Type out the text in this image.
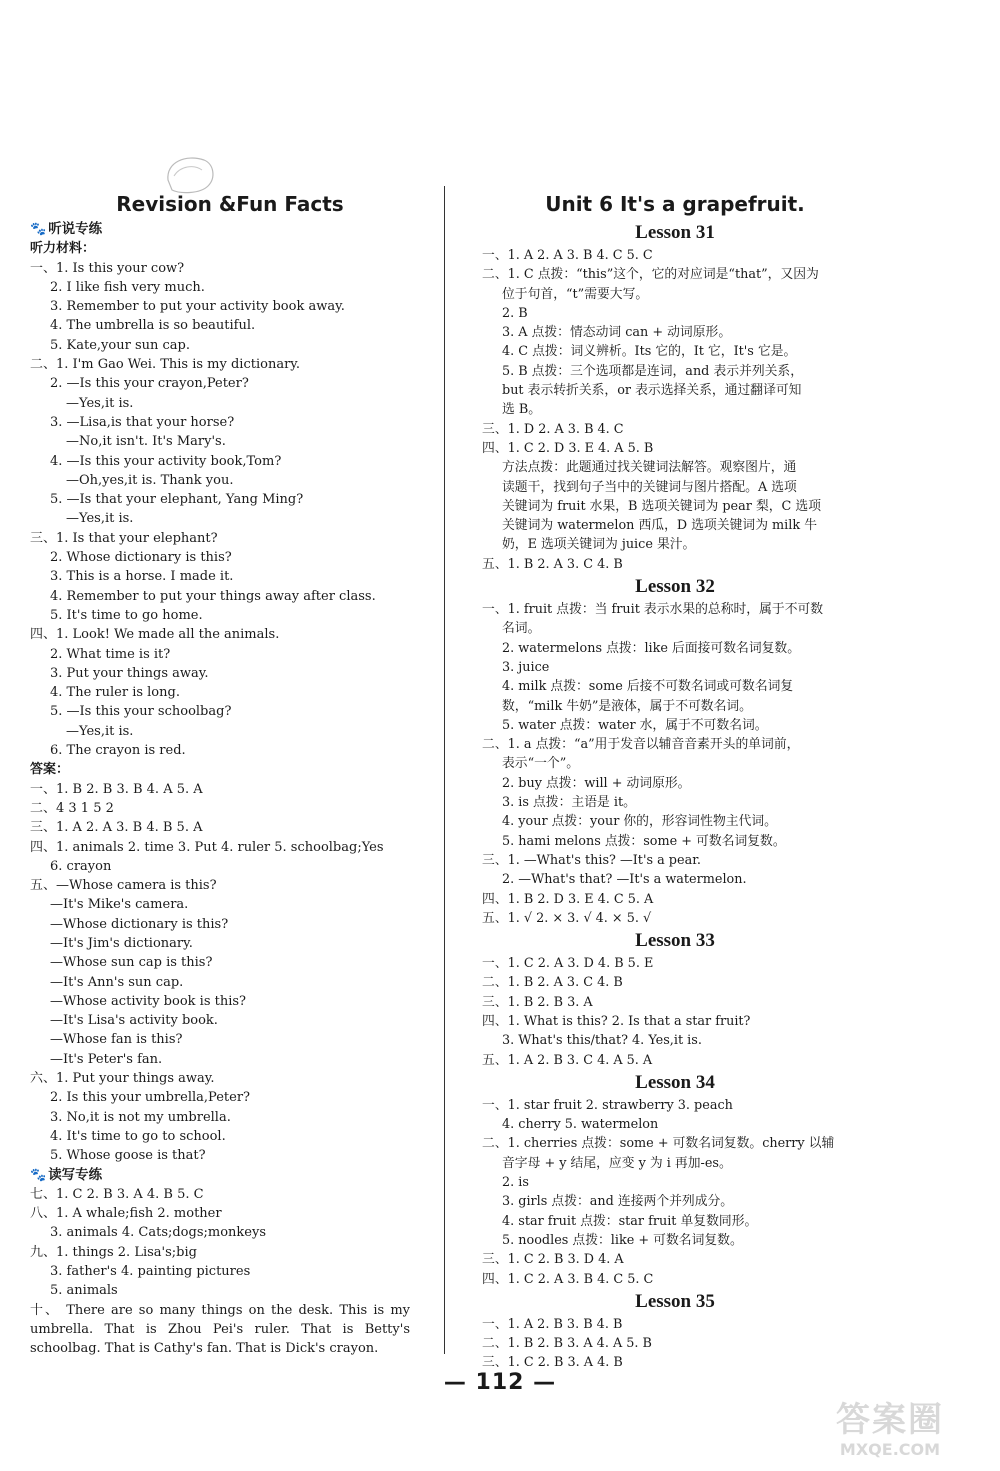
Revision &Fun Facts
🐾 听说专练
听力材料：
一、1. Is this your cow?
2. I like fish very much.
3. Remember to put your activity book away.
4. The umbrella is so beautiful.
5. Kate,your sun cap.
二、1. I'm Gao Wei. This is my dictionary.
2. —Is this your crayon,Peter?
—Yes,it is.
3. —Lisa,is that your horse?
—No,it isn't. It's Mary's.
4. —Is this your activity book,Tom?
—Oh,yes,it is. Thank you.
5. —Is that your elephant, Yang Ming?
—Yes,it is.
三、1. Is that your elephant?
2. Whose dictionary is this?
3. This is a horse. I made it.
4. Remember to put your things away after class.
5. It's time to go home.
四、1. Look! We made all the animals.
2. What time is it?
3. Put your things away.
4. The ruler is long.
5. —Is this your schoolbag?
—Yes,it is.
6. The crayon is red.
答案：
一、1. B 2. B 3. B 4. A 5. A
二、4 3 1 5 2
三、1. A 2. A 3. B 4. B 5. A
四、1. animals 2. time 3. Put 4. ruler 5. schoolbag;Yes
6. crayon
五、—Whose camera is this?
—It's Mike's camera.
—Whose dictionary is this?
—It's Jim's dictionary.
—Whose sun cap is this?
—It's Ann's sun cap.
—Whose activity book is this?
—It's Lisa's activity book.
—Whose fan is this?
—It's Peter's fan.
六、1. Put your things away.
2. Is this your umbrella,Peter?
3. No,it is not my umbrella.
4. It's time to go to school.
5. Whose goose is that?
🐾 读写专练
七、1. C 2. B 3. A 4. B 5. C
八、1. A whale;fish 2. mother
3. animals 4. Cats;dogs;monkeys
九、1. things 2. Lisa's;big
3. father's 4. painting pictures
5. animals
十、 There are so many things on the desk. This is my umbrella. That is Zhou Pei's ruler. That is Betty's schoolbag. That is Cathy's fan. That is Dick's crayon.
Unit 6 It's a grapefruit.
Lesson 31
一、1. A 2. A 3. B 4. C 5. C
二、1. C 点拨：“this”这个，它的对应词是“that”，又因为
位于句首，“t”需要大写。
2. B
3. A 点拨：情态动词 can + 动词原形。
4. C 点拨：词义辨析。Its 它的，It 它，It's 它是。
5. B 点拨：三个选项都是连词，and 表示并列关系，
but 表示转折关系，or 表示选择关系，通过翻译可知
选 B。
三、1. D 2. A 3. B 4. C
四、1. C 2. D 3. E 4. A 5. B
方法点拨：此题通过找关键词法解答。观察图片，通
读题干，找到句子当中的关键词与图片搭配。A 选项
关键词为 fruit 水果，B 选项关键词为 pear 梨，C 选项
关键词为 watermelon 西瓜，D 选项关键词为 milk 牛
奶，E 选项关键词为 juice 果汁。
五、1. B 2. A 3. C 4. B
Lesson 32
一、1. fruit 点拨：当 fruit 表示水果的总称时，属于不可数
名词。
2. watermelons 点拨：like 后面接可数名词复数。
3. juice
4. milk 点拨：some 后接不可数名词或可数名词复
数，“milk 牛奶”是液体，属于不可数名词。
5. water 点拨：water 水，属于不可数名词。
二、1. a 点拨：“a”用于发音以辅音音素开头的单词前，
表示“一个”。
2. buy 点拨：will + 动词原形。
3. is 点拨：主语是 it。
4. your 点拨：your 你的，形容词性物主代词。
5. hami melons 点拨：some + 可数名词复数。
三、1. —What's this? —It's a pear.
2. —What's that? —It's a watermelon.
四、1. B 2. D 3. E 4. C 5. A
五、1. √ 2. × 3. √ 4. × 5. √
Lesson 33
一、1. C 2. A 3. D 4. B 5. E
二、1. B 2. A 3. C 4. B
三、1. B 2. B 3. A
四、1. What is this? 2. Is that a star fruit?
3. What's this/that? 4. Yes,it is.
五、1. A 2. B 3. C 4. A 5. A
Lesson 34
一、1. star fruit 2. strawberry 3. peach
4. cherry 5. watermelon
二、1. cherries 点拨：some + 可数名词复数。cherry 以辅
音字母 + y 结尾，应变 y 为 i 再加-es。
2. is
3. girls 点拨：and 连接两个并列成分。
4. star fruit 点拨：star fruit 单复数同形。
5. noodles 点拨：like + 可数名词复数。
三、1. C 2. B 3. D 4. A
四、1. C 2. A 3. B 4. C 5. C
Lesson 35
一、1. A 2. B 3. B 4. B
二、1. B 2. B 3. A 4. A 5. B
三、1. C 2. B 3. A 4. B
— 112 —
答案圈
MXQE.COM
